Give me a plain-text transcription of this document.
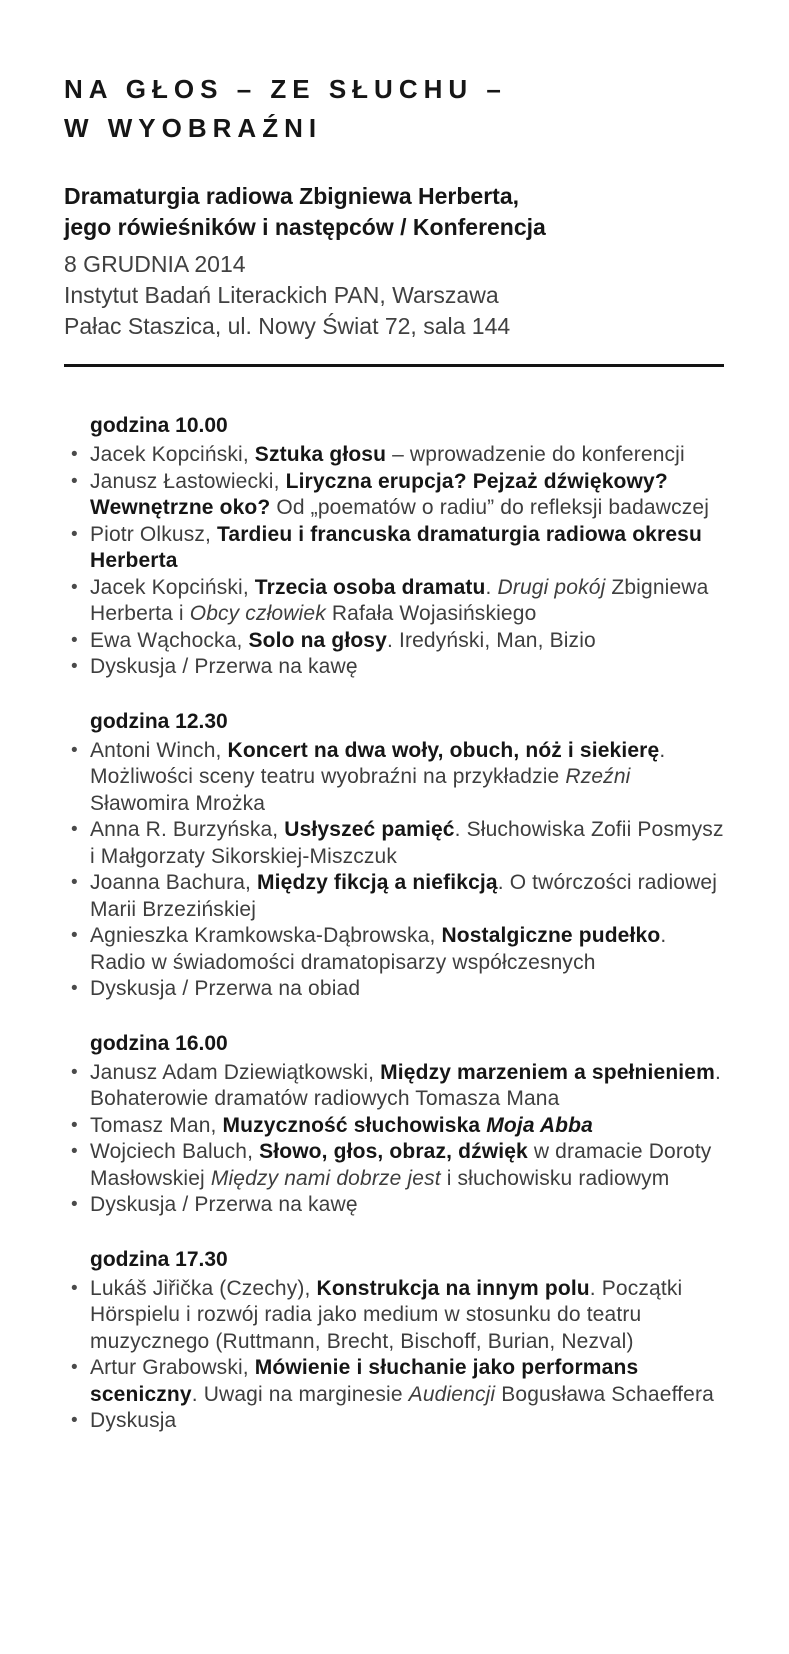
NA GŁOS – ZE SŁUCHU –
W WYOBRAŹNI

Dramaturgia radiowa Zbigniewa Herberta,
jego rówieśników i następców / Konferencja

8 GRUDNIA 2014
Instytut Badań Literackich PAN, Warszawa
Pałac Staszica, ul. Nowy Świat 72, sala 144

godzina 10.00
• Jacek Kopciński, Sztuka głosu – wprowadzenie do konferencji
• Janusz Łastowiecki, Liryczna erupcja? Pejzaż dźwiękowy? Wewnętrzne oko? Od „poematów o radiu” do refleksji badawczej
• Piotr Olkusz, Tardieu i francuska dramaturgia radiowa okresu Herberta
• Jacek Kopciński, Trzecia osoba dramatu. Drugi pokój Zbigniewa Herberta i Obcy człowiek Rafała Wojasińskiego
• Ewa Wąchocka, Solo na głosy. Iredyński, Man, Bizio
• Dyskusja / Przerwa na kawę
godzina 12.30
• Antoni Winch, Koncert na dwa woły, obuch, nóż i siekierę. Możliwości sceny teatru wyobraźni na przykładzie Rzeźni Sławomira Mrożka
• Anna R. Burzyńska, Usłyszeć pamięć. Słuchowiska Zofii Posmysz i Małgorzaty Sikorskiej-Miszczuk
• Joanna Bachura, Między fikcją a niefikcją. O twórczości radiowej Marii Brzezińskiej
• Agnieszka Kramkowska-Dąbrowska, Nostalgiczne pudełko. Radio w świadomości dramatopisarzy współczesnych
• Dyskusja / Przerwa na obiad
godzina 16.00
• Janusz Adam Dziewiątkowski, Między marzeniem a spełnieniem. Bohaterowie dramatów radiowych Tomasza Mana
• Tomasz Man, Muzyczność słuchowiska Moja Abba
• Wojciech Baluch, Słowo, głos, obraz, dźwięk w dramacie Doroty Masłowskiej Między nami dobrze jest i słuchowisku radiowym
• Dyskusja / Przerwa na kawę
godzina 17.30
• Lukáš Jiřička (Czechy), Konstrukcja na innym polu. Początki Hörspielu i rozwój radia jako medium w stosunku do teatru muzycznego (Ruttmann, Brecht, Bischoff, Burian, Nezval)
• Artur Grabowski, Mówienie i słuchanie jako performans sceniczny. Uwagi na marginesie Audiencji Bogusława Schaeffera
• Dyskusja
